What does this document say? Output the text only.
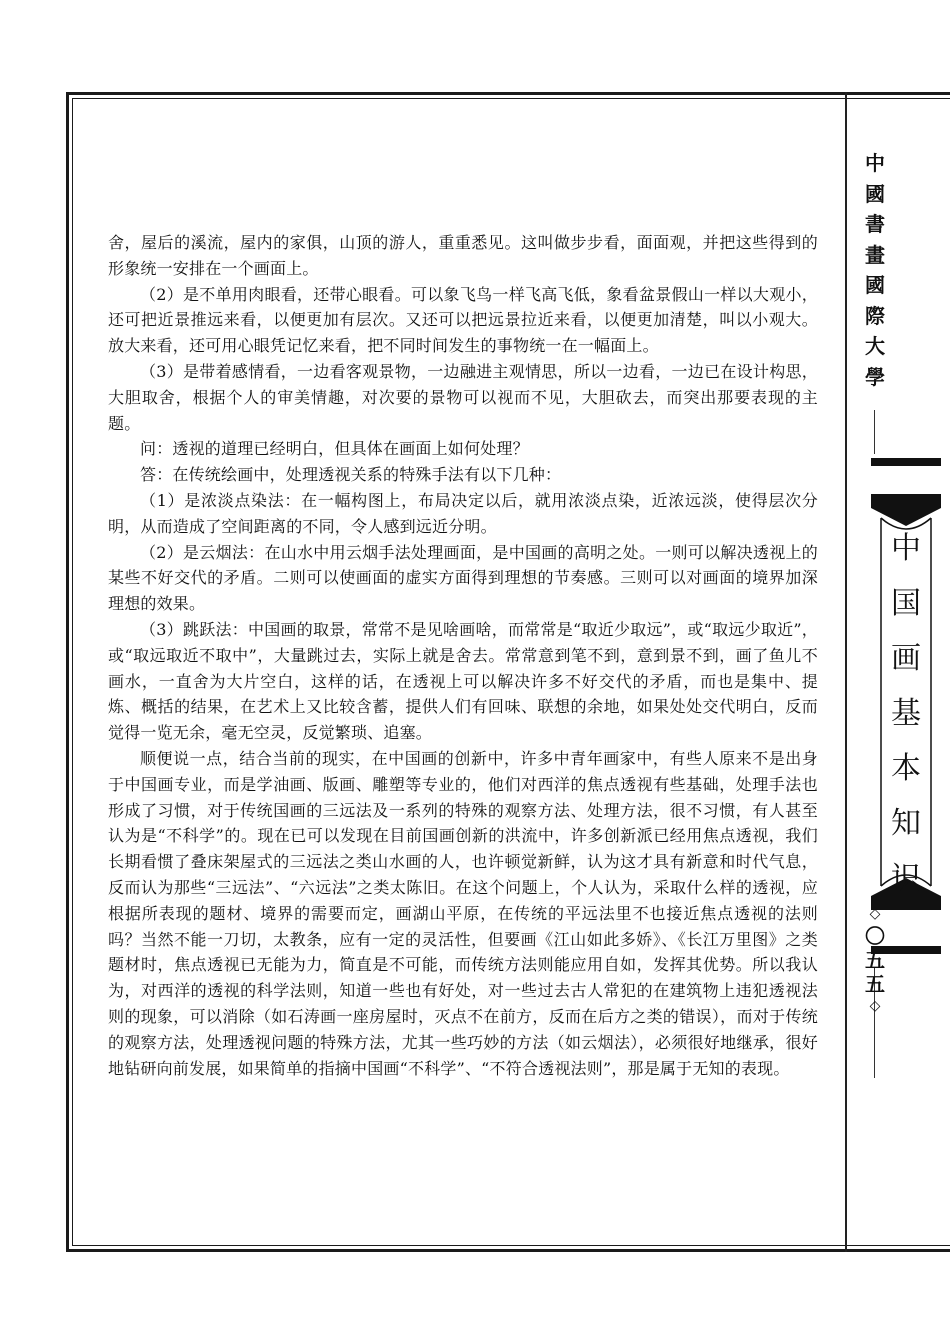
舍，屋后的溪流，屋内的家俱，山顶的游人，重重悉见。这叫做步步看，面面观，并把这些得到的形象统一安排在一个画面上。

（2）是不单用肉眼看，还带心眼看。可以象飞鸟一样飞高飞低，象看盆景假山一样以大观小，还可把近景推远来看，以便更加有层次。又还可以把远景拉近来看，以便更加清楚，叫以小观大。放大来看，还可用心眼凭记忆来看，把不同时间发生的事物统一在一幅面上。

（3）是带着感情看，一边看客观景物，一边融进主观情思，所以一边看，一边已在设计构思，大胆取舍，根据个人的审美情趣，对次要的景物可以视而不见，大胆砍去，而突出那要表现的主题。

问：透视的道理已经明白，但具体在画面上如何处理？

答：在传统绘画中，处理透视关系的特殊手法有以下几种：

（1）是浓淡点染法：在一幅构图上，布局决定以后，就用浓淡点染，近浓远淡，使得层次分明，从而造成了空间距离的不同，令人感到远近分明。

（2）是云烟法：在山水中用云烟手法处理画面，是中国画的高明之处。一则可以解决透视上的某些不好交代的矛盾。二则可以使画面的虚实方面得到理想的节奏感。三则可以对画面的境界加深理想的效果。

（3）跳跃法：中国画的取景，常常不是见啥画啥，而常常是“取近少取远”，或“取远少取近”，或“取远取近不取中”，大量跳过去，实际上就是舍去。常常意到笔不到，意到景不到，画了鱼儿不画水，一直舍为大片空白，这样的话，在透视上可以解决许多不好交代的矛盾，而也是集中、提炼、概括的结果，在艺术上又比较含蓄，提供人们有回味、联想的余地，如果处处交代明白，反而觉得一览无余，毫无空灵，反觉繁琐、追塞。

顺便说一点，结合当前的现实，在中国画的创新中，许多中青年画家中，有些人原来不是出身于中国画专业，而是学油画、版画、雕塑等专业的，他们对西洋的焦点透视有些基础，处理手法也形成了习惯，对于传统国画的三远法及一系列的特殊的观察方法、处理方法，很不习惯，有人甚至认为是“不科学”的。现在已可以发现在目前国画创新的洪流中，许多创新派已经用焦点透视，我们长期看惯了叠床架屋式的三远法之类山水画的人，也许顿觉新鲜，认为这才具有新意和时代气息，反而认为那些“三远法”、“六远法”之类太陈旧。在这个问题上，个人认为，采取什么样的透视，应根据所表现的题材、境界的需要而定，画湖山平原，在传统的平远法里不也接近焦点透视的法则吗？当然不能一刀切，太教条，应有一定的灵活性，但要画《江山如此多娇》、《长江万里图》之类题材时，焦点透视已无能为力，简直是不可能，而传统方法则能应用自如，发挥其优势。所以我认为，对西洋的透视的科学法则，知道一些也有好处，对一些过去古人常犯的在建筑物上违犯透视法则的现象，可以消除（如石涛画一座房屋时，灭点不在前方，反而在后方之类的错误），而对于传统的观察方法，处理透视问题的特殊方法，尤其一些巧妙的方法（如云烟法），必须很好地继承，很好地钻研向前发展，如果简单的指摘中国画“不科学”、“不符合透视法则”，那是属于无知的表现。

中
國
書
畫
國
際
大
學
中
国
画
基
本
知
识
◇
〇
五
五
◇
